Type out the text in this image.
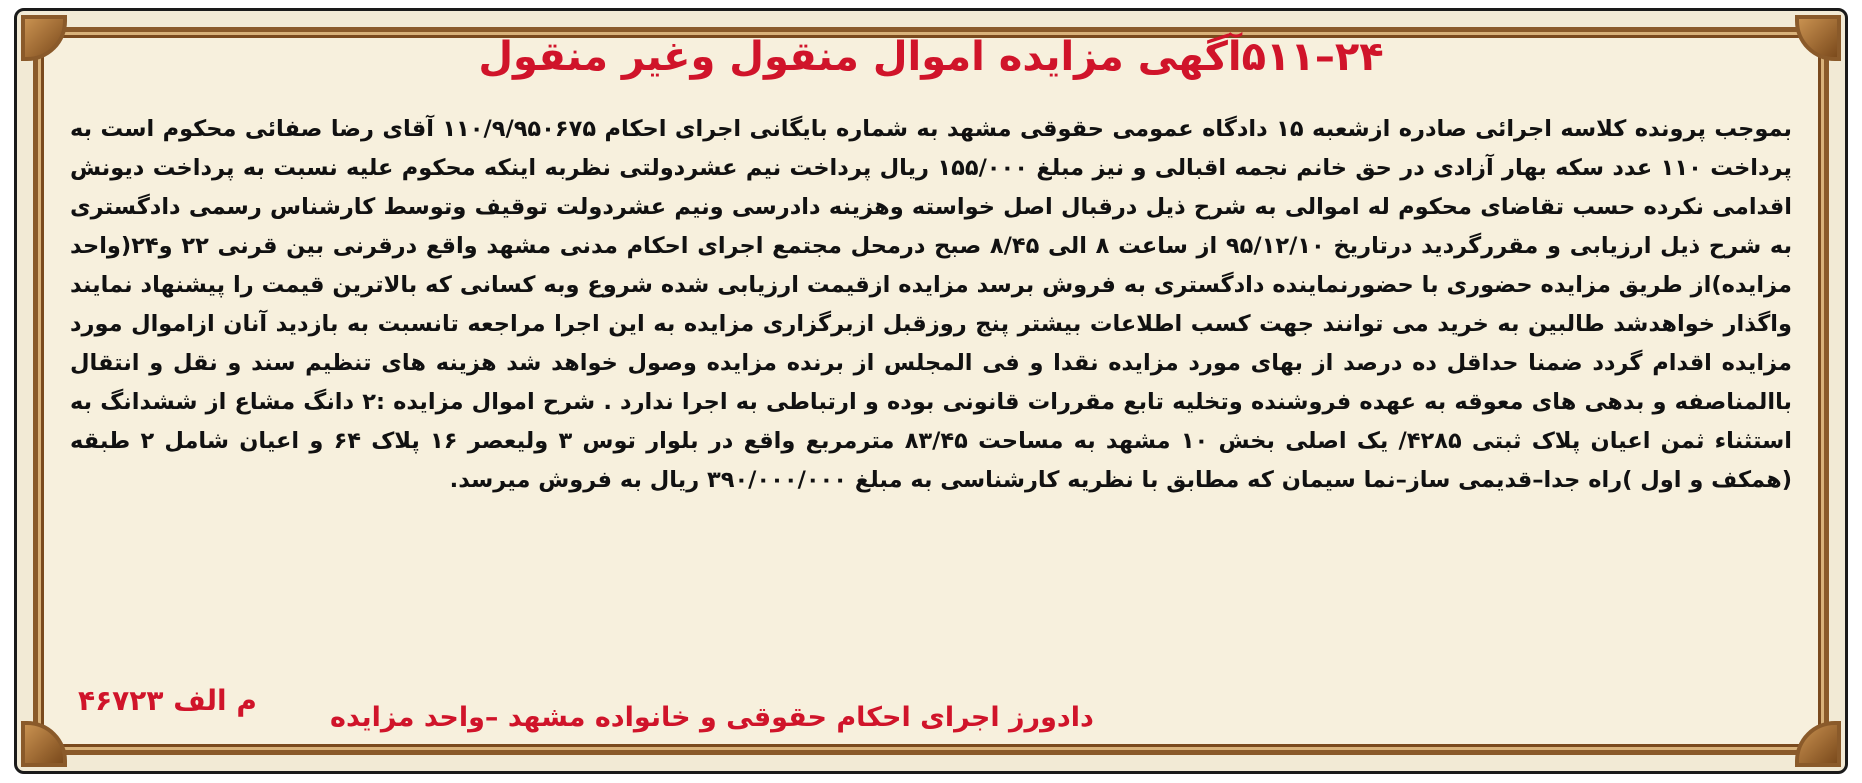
۲۴–۵۱۱آگهی مزایده اموال منقول وغیر منقول

بموجب پرونده کلاسه اجرائی صادره ازشعبه ۱۵ دادگاه عمومی حقوقی مشهد به شماره بایگانی اجرای احکام ۱۱۰/۹/۹۵۰۶۷۵ آقای رضا صفائی محکوم است به پرداخت ۱۱۰ عدد سکه بهار آزادی در حق خانم نجمه اقبالی و نیز مبلغ ۱۵۵/۰۰۰ ریال پرداخت نیم عشردولتی نظربه اینکه محکوم علیه نسبت به پرداخت دیونش اقدامی نکرده حسب تقاضای محکوم له اموالی به شرح ذیل درقبال اصل خواسته وهزینه دادرسی ونیم عشردولت توقیف وتوسط کارشناس رسمی دادگستری به شرح ذیل ارزیابی و مقررگردید درتاریخ ۹۵/۱۲/۱۰ از ساعت ۸ الی ۸/۴۵ صبح درمحل مجتمع اجرای احکام مدنی مشهد واقع درقرنی بین قرنی ۲۲ و۲۴(واحد مزایده)از طریق مزایده حضوری با حضورنماینده دادگستری به فروش برسد مزایده ازقیمت ارزیابی شده شروع وبه کسانی که بالاترین قیمت را پیشنهاد نمایند واگذار خواهدشد طالبین به خرید می توانند جهت کسب اطلاعات بیشتر پنج روزقبل ازبرگزاری مزایده به این اجرا مراجعه تانسبت به بازدید آنان ازاموال مورد مزایده اقدام گردد ضمنا حداقل ده درصد از بهای مورد مزایده نقدا و فی المجلس از برنده مزایده وصول خواهد شد هزینه های تنظیم سند و نقل و انتقال باالمناصفه و بدهی های معوقه به عهده فروشنده وتخلیه تابع مقررات قانونی بوده و ارتباطی به اجرا ندارد . شرح اموال مزایده :۲ دانگ مشاع از ششدانگ به استثناء ثمن اعیان پلاک ثبتی ۴۲۸۵/ یک اصلی بخش ۱۰ مشهد به مساحت ۸۳/۴۵ مترمربع واقع در بلوار توس ۳ ولیعصر ۱۶ پلاک ۶۴ و اعیان شامل ۲ طبقه (همکف و اول )راه جدا–قدیمی ساز–نما سیمان که مطابق با نظریه کارشناسی به مبلغ ۳۹۰/۰۰۰/۰۰۰ ریال به فروش میرسد.

دادورز اجرای احکام حقوقی و خانواده مشهد –واحد مزایده
م الف ۴۶۷۲۳
